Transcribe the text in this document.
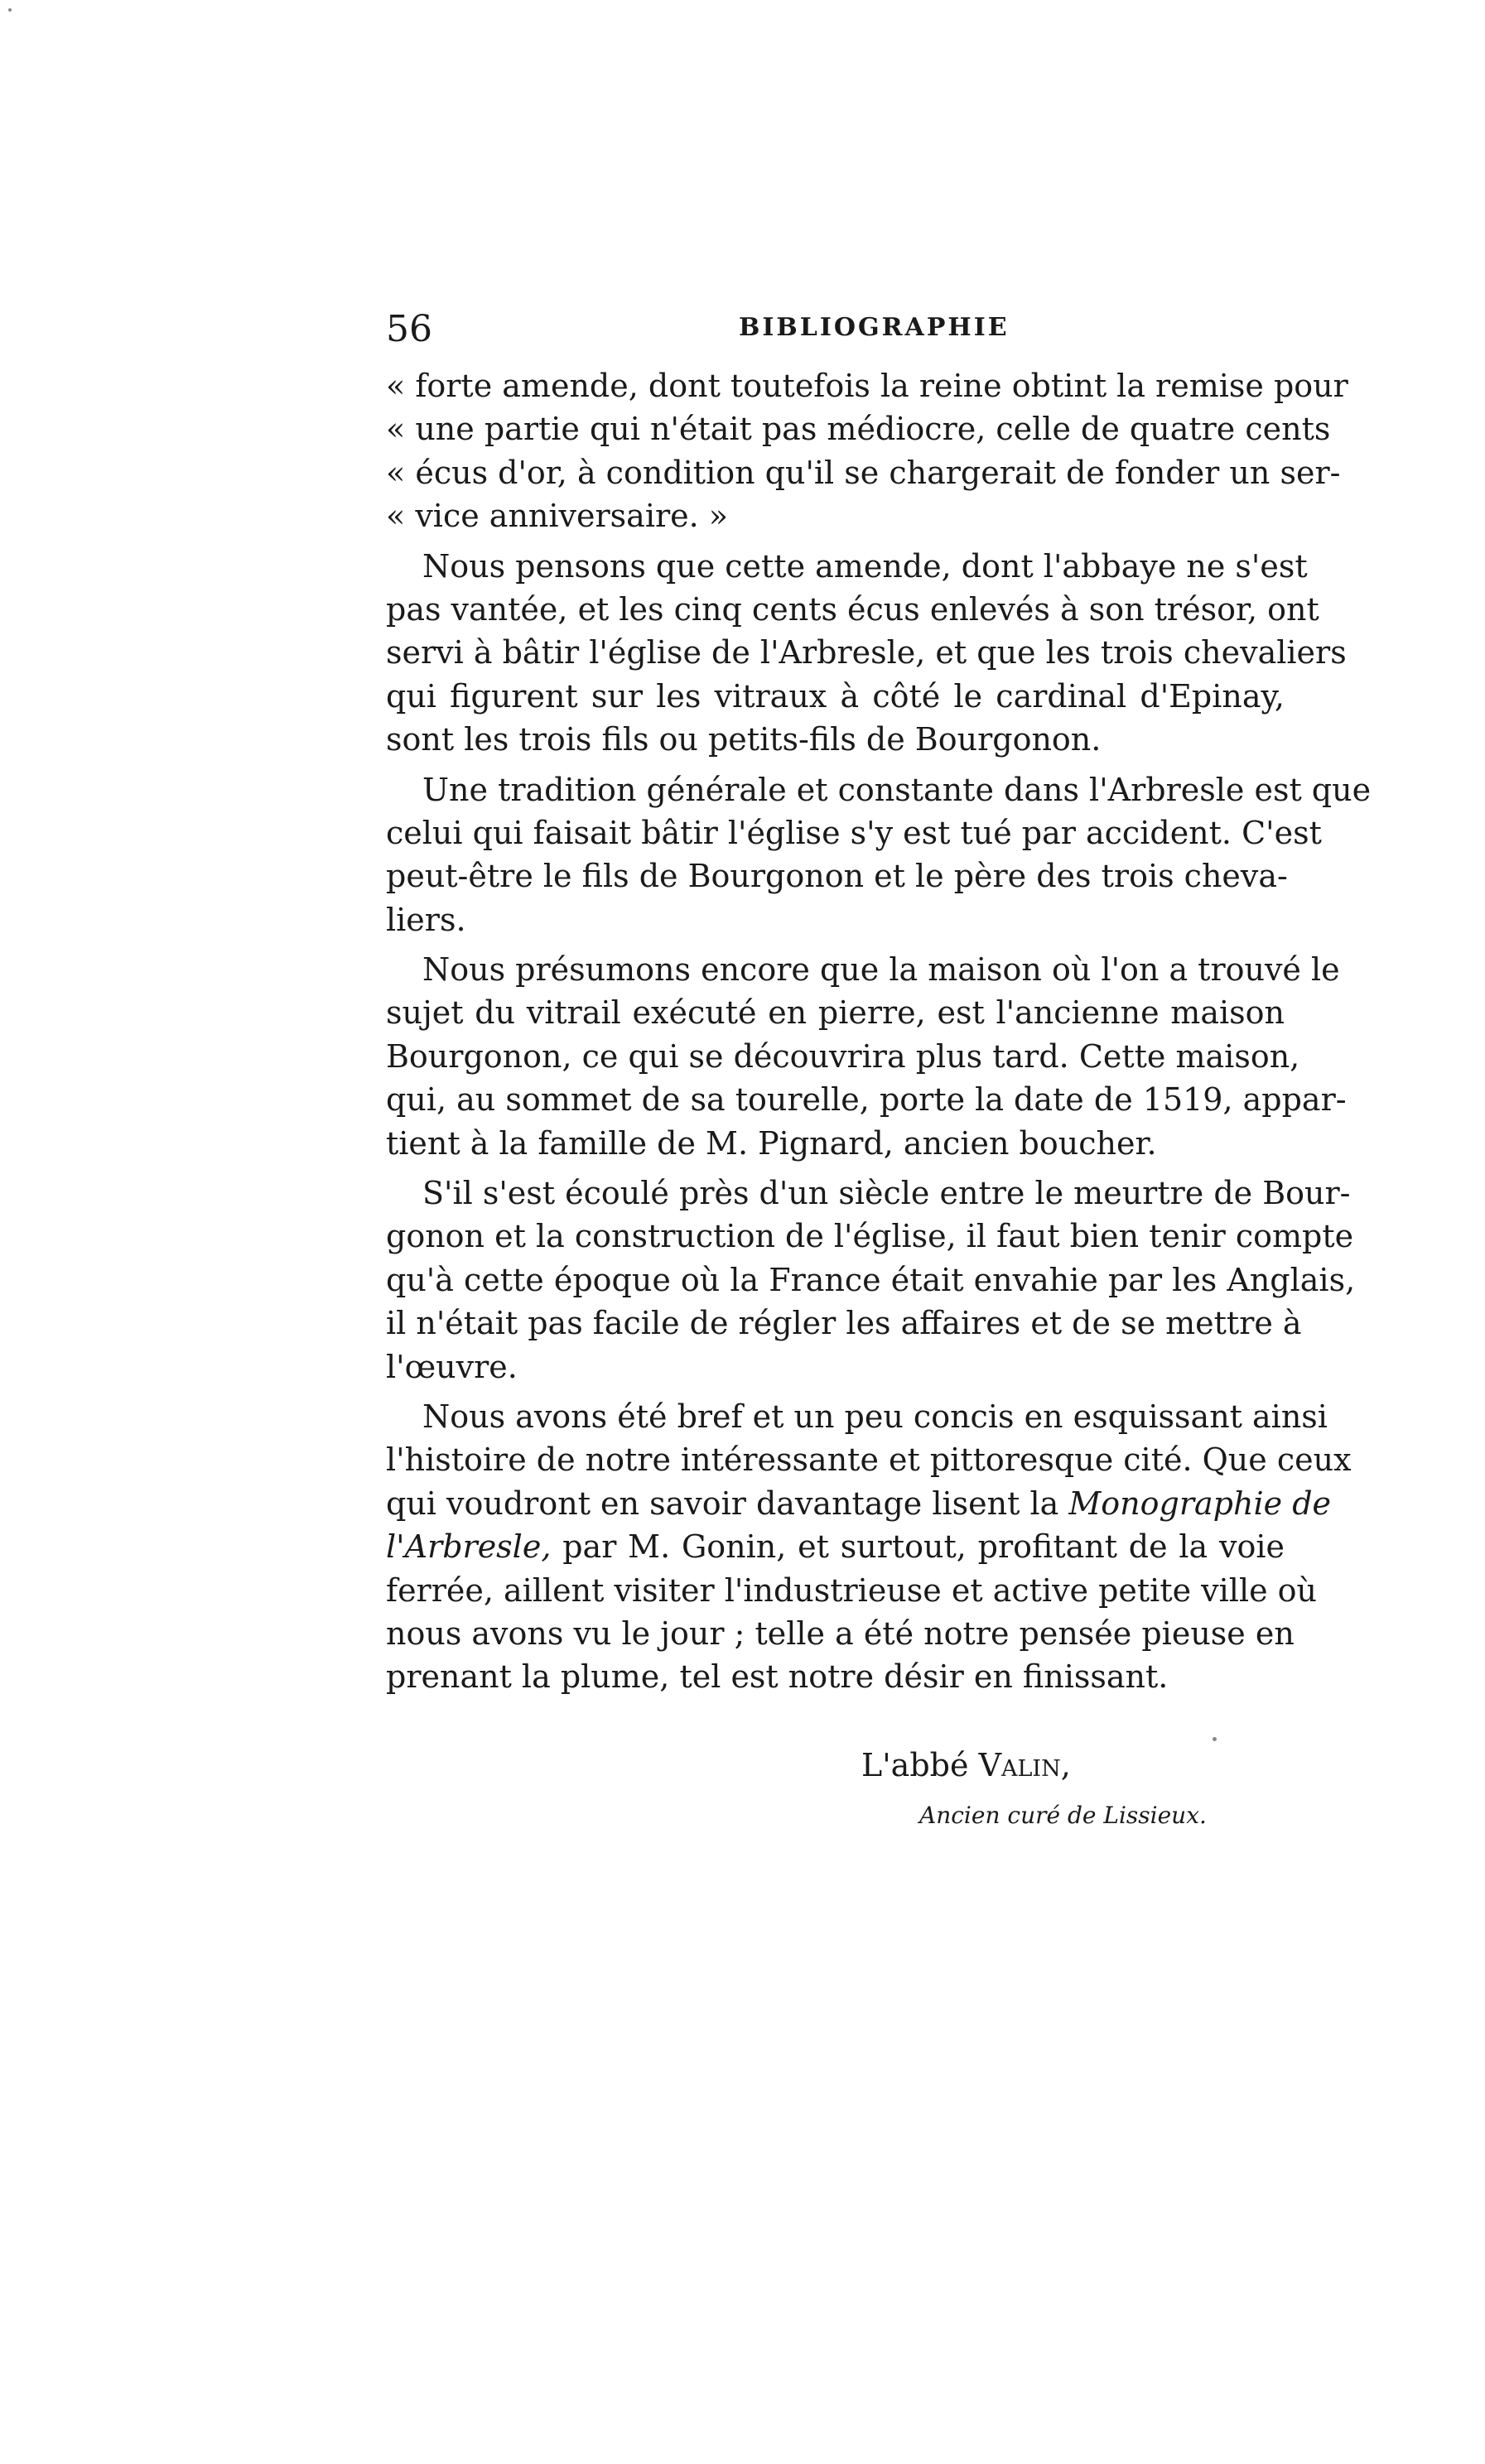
56	BIBLIOGRAPHIE
« forte amende, dont toutefois la reine obtint la remise pour
« une partie qui n'était pas médiocre, celle de quatre cents
« écus d'or, à condition qu'il se chargerait de fonder un ser-
« vice anniversaire. »
Nous pensons que cette amende, dont l'abbaye ne s'est
pas vantée, et les cinq cents écus enlevés à son trésor, ont
servi à bâtir l'église de l'Arbresle, et que les trois chevaliers
qui figurent sur les vitraux à côté le cardinal d'Epinay,
sont les trois fils ou petits-fils de Bourgonon.
Une tradition générale et constante dans l'Arbresle est que
celui qui faisait bâtir l'église s'y est tué par accident. C'est
peut-être le fils de Bourgonon et le père des trois cheva-
liers.
Nous présumons encore que la maison où l'on a trouvé le
sujet du vitrail exécuté en pierre, est l'ancienne maison
Bourgonon, ce qui se découvrira plus tard. Cette maison,
qui, au sommet de sa tourelle, porte la date de 1519, appar-
tient à la famille de M. Pignard, ancien boucher.
S'il s'est écoulé près d'un siècle entre le meurtre de Bour-
gonon et la construction de l'église, il faut bien tenir compte
qu'à cette époque où la France était envahie par les Anglais,
il n'était pas facile de régler les affaires et de se mettre à
l'œuvre.
Nous avons été bref et un peu concis en esquissant ainsi
l'histoire de notre intéressante et pittoresque cité. Que ceux
qui voudront en savoir davantage lisent la Monographie de
l'Arbresle, par M. Gonin, et surtout, profitant de la voie
ferrée, aillent visiter l'industrieuse et active petite ville où
nous avons vu le jour ; telle a été notre pensée pieuse en
prenant la plume, tel est notre désir en finissant.
L'abbé Valin,
Ancien curé de Lissieux.
